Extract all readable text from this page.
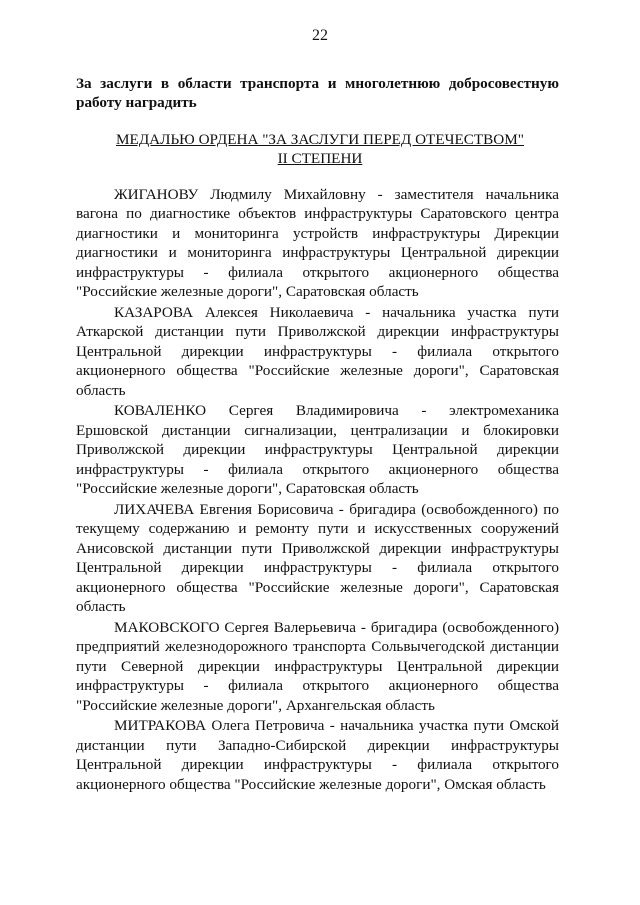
22
За заслуги в области транспорта и многолетнюю добросовестную работу наградить
МЕДАЛЬЮ ОРДЕНА "ЗА ЗАСЛУГИ ПЕРЕД ОТЕЧЕСТВОМ"
II СТЕПЕНИ

ЖИГАНОВУ Людмилу Михайловну - заместителя начальника вагона по диагностике объектов инфраструктуры Саратовского центра диагностики и мониторинга устройств инфраструктуры Дирекции диагностики и мониторинга инфраструктуры Центральной дирекции инфраструктуры - филиала открытого акционерного общества "Российские железные дороги", Саратовская область

КАЗАРОВА Алексея Николаевича - начальника участка пути Аткарской дистанции пути Приволжской дирекции инфраструктуры Центральной дирекции инфраструктуры - филиала открытого акционерного общества "Российские железные дороги", Саратовская область

КОВАЛЕНКО Сергея Владимировича - электромеханика Ершовской дистанции сигнализации, централизации и блокировки Приволжской дирекции инфраструктуры Центральной дирекции инфраструктуры - филиала открытого акционерного общества "Российские железные дороги", Саратовская область

ЛИХАЧЕВА Евгения Борисовича - бригадира (освобожденного) по текущему содержанию и ремонту пути и искусственных сооружений Анисовской дистанции пути Приволжской дирекции инфраструктуры Центральной дирекции инфраструктуры - филиала открытого акционерного общества "Российские железные дороги", Саратовская область

МАКОВСКОГО Сергея Валерьевича - бригадира (освобожденного) предприятий железнодорожного транспорта Сольвычегодской дистанции пути Северной дирекции инфраструктуры Центральной дирекции инфраструктуры - филиала открытого акционерного общества "Российские железные дороги", Архангельская область

МИТРАКОВА Олега Петровича - начальника участка пути Омской дистанции пути Западно-Сибирской дирекции инфраструктуры Центральной дирекции инфраструктуры - филиала открытого акционерного общества "Российские железные дороги", Омская область
